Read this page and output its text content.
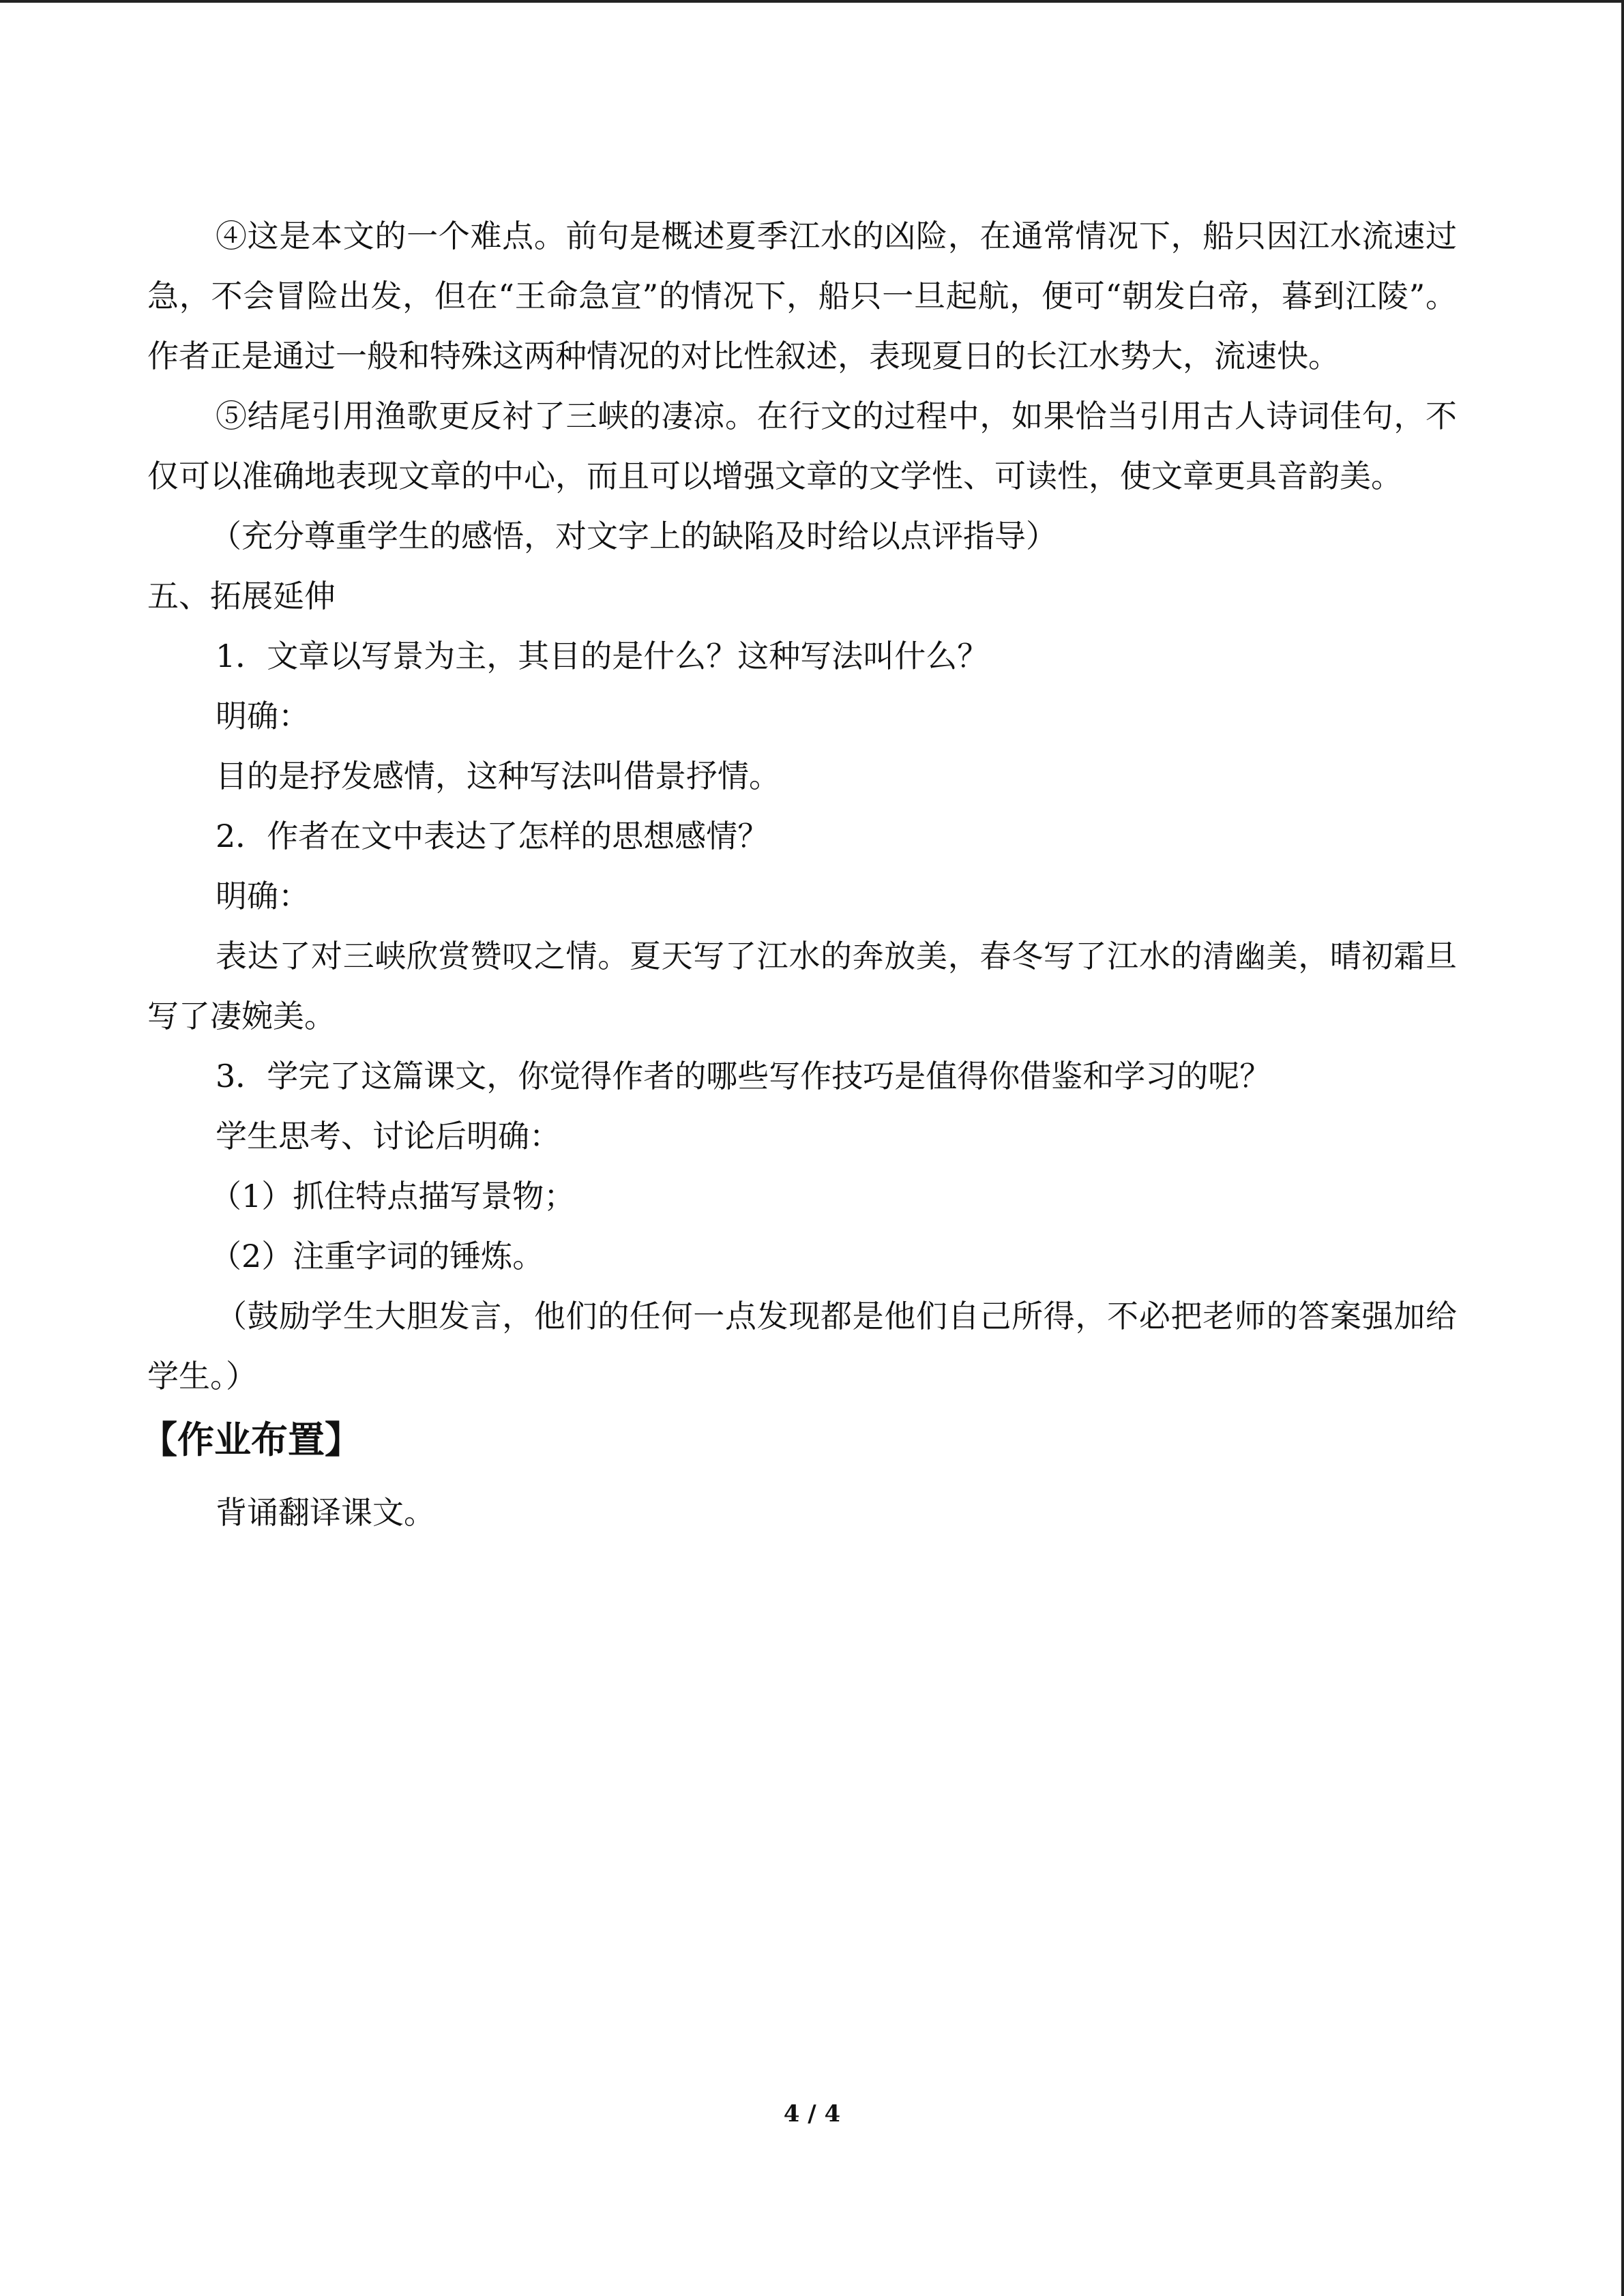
④这是本文的一个难点。前句是概述夏季江水的凶险，在通常情况下，船只因江水流速过急，不会冒险出发，但在“王命急宣”的情况下，船只一旦起航，便可“朝发白帝，暮到江陵”。作者正是通过一般和特殊这两种情况的对比性叙述，表现夏日的长江水势大，流速快。

⑤结尾引用渔歌更反衬了三峡的凄凉。在行文的过程中，如果恰当引用古人诗词佳句，不仅可以准确地表现文章的中心，而且可以增强文章的文学性、可读性，使文章更具音韵美。

（充分尊重学生的感悟，对文字上的缺陷及时给以点评指导）

五、拓展延伸

1．文章以写景为主，其目的是什么？这种写法叫什么？

明确：

目的是抒发感情，这种写法叫借景抒情。

2．作者在文中表达了怎样的思想感情？

明确：

表达了对三峡欣赏赞叹之情。夏天写了江水的奔放美，春冬写了江水的清幽美，晴初霜旦写了凄婉美。

3．学完了这篇课文，你觉得作者的哪些写作技巧是值得你借鉴和学习的呢？

学生思考、讨论后明确：

（1）抓住特点描写景物；

（2）注重字词的锤炼。

（鼓励学生大胆发言，他们的任何一点发现都是他们自己所得，不必把老师的答案强加给学生。）

【作业布置】

背诵翻译课文。

4 / 4
